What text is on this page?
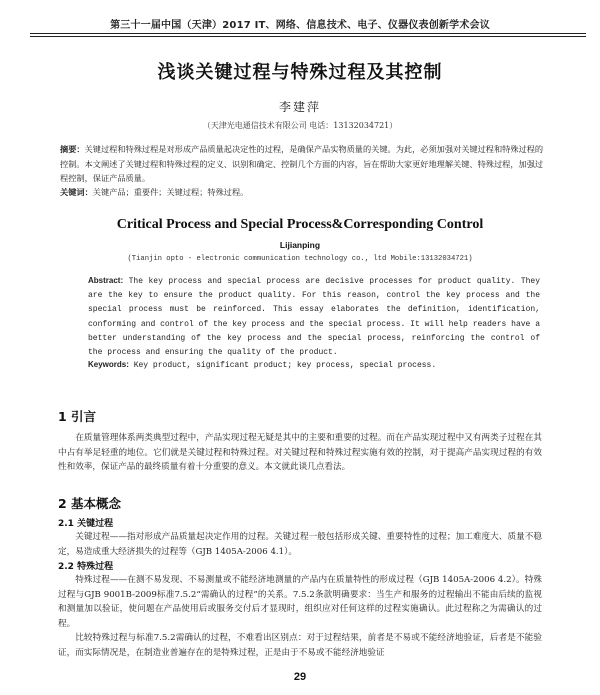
第三十一届中国（天津）2017 IT、网络、信息技术、电子、仪器仪表创新学术会议
浅谈关键过程与特殊过程及其控制
李建萍
（天津光电通信技术有限公司 电话：13132034721）
摘要：关键过程和特殊过程是对形成产品质量起决定性的过程，是确保产品实物质量的关键。为此，必须加强对关键过程和特殊过程的控制。本文阐述了关键过程和特殊过程的定义、识别和确定、控制几个方面的内容，旨在帮助大家更好地理解关键、特殊过程，加强过程控制，保证产品质量。
关键词：关键产品；重要件；关键过程；特殊过程。
Critical Process and Special Process&Corresponding Control
Lijianping
(Tianjin opto - electronic communication technology co., ltd Mobile:13132034721)
Abstract: The key process and special process are decisive processes for product quality. They are the key to ensure the product quality. For this reason, control the key process and the special process must be reinforced. This essay elaborates the definition, identification, conforming and control of the key process and the special process. It will help readers have a better understanding of the key process and the special process, reinforcing the control of the process and ensuring the quality of the product.
Keywords: Key product, significant product; key process, special process.
1 引言
在质量管理体系两类典型过程中，产品实现过程无疑是其中的主要和重要的过程。而在产品实现过程中又有两类子过程在其中占有举足轻重的地位。它们就是关键过程和特殊过程。对关键过程和特殊过程实施有效的控制，对于提高产品实现过程的有效性和效率，保证产品的最终质量有着十分重要的意义。本文就此谈几点看法。
2 基本概念
2.1 关键过程
关键过程——指对形成产品质量起决定作用的过程。关键过程一般包括形成关键、重要特性的过程；加工难度大、质量不稳定，易造成重大经济损失的过程等（GJB 1405A-2006 4.1）。
2.2 特殊过程
特殊过程——在测不易发现、不易测量或不能经济地测量的产品内在质量特性的形成过程（GJB 1405A-2006 4.2）。特殊过程与GJB 9001B-2009标准7.5.2“需确认的过程”的关系。7.5.2条款明确要求：当生产和服务的过程输出不能由后续的监视和测量加以验证，使问题在产品使用后或服务交付后才显现时，组织应对任何这样的过程实施确认。此过程称之为需确认的过程。
比较特殊过程与标准7.5.2需确认的过程，不难看出区别点：对于过程结果，前者是不易或不能经济地验证，后者是不能验证，而实际情况是，在制造业普遍存在的是特殊过程，正是由于不易或不能经济地验证
29
